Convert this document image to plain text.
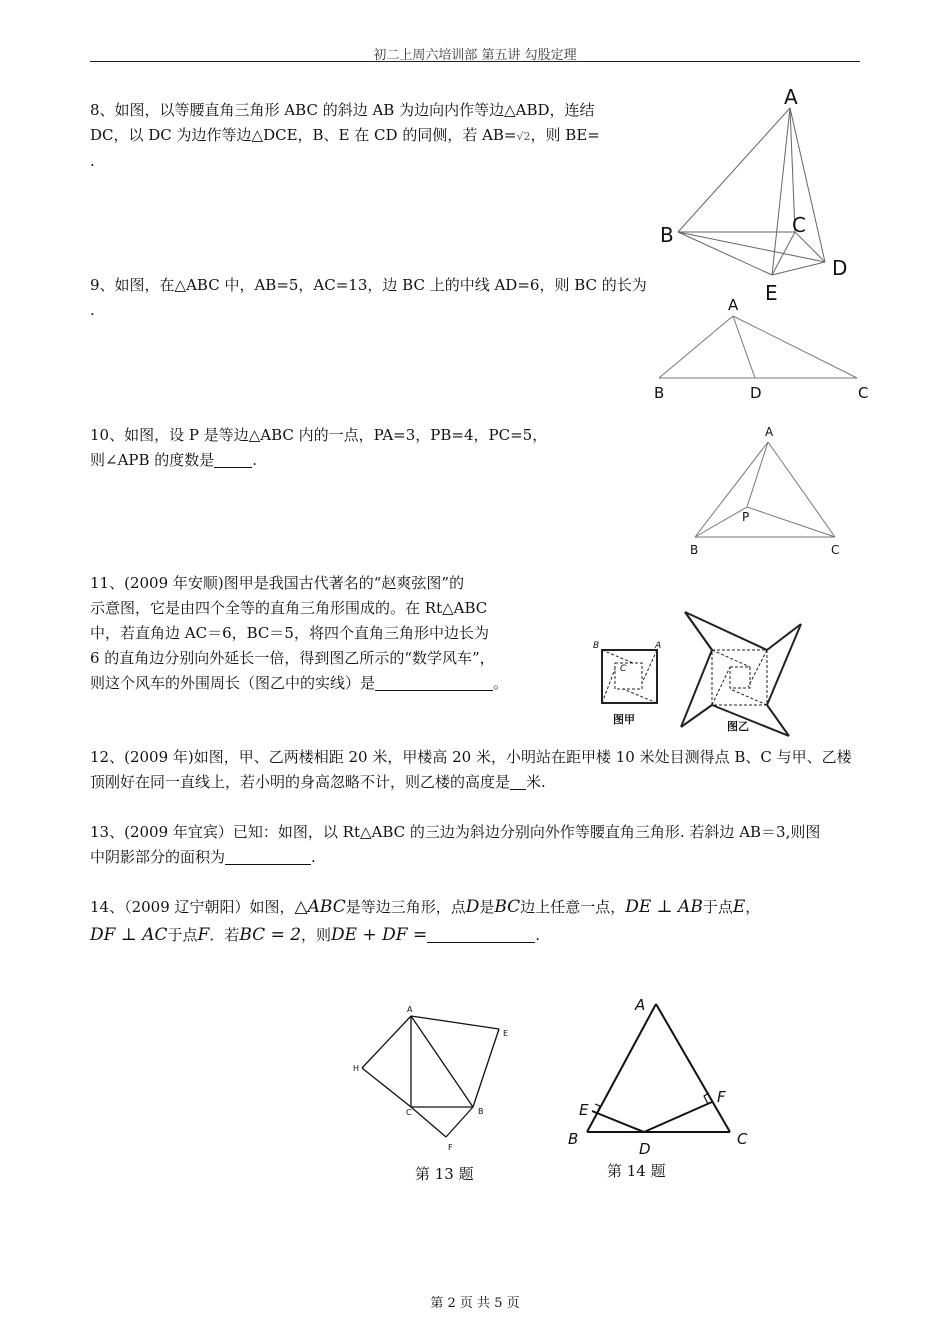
初二上周六培训部 第五讲 勾股定理
8、如图，以等腰直角三角形 ABC 的斜边 AB 为边向内作等边△ABD，连结
DC，以 DC 为边作等边△DCE，B、E 在 CD 的同侧，若 AB=√2，则 BE=
.
A
B	C
D
E
9、如图，在△ABC 中，AB=5，AC=13，边 BC 上的中线 AD=6，则 BC 的长为
.	A
B	D	C
10、如图，设 P 是等边△ABC 内的一点，PA=3，PB=4，PC=5，
则∠APB 的度数是	.
A
P
B	C
11、(2009 年安顺)图甲是我国古代著名的“赵爽弦图”的
示意图，它是由四个全等的直角三角形围成的。在 Rt△ABC
中，若直角边 AC＝6，BC＝5，将四个直角三角形中边长为
6 的直角边分别向外延长一倍，得到图乙所示的“数学风车”，
则这个风车的外围周长（图乙中的实线）是	。
B	A
C
图甲
图乙
12、(2009 年)如图，甲、乙两楼相距 20 米，甲楼高 20 米，小明站在距甲楼 10 米处目测得点 B、C 与甲、乙楼
顶刚好在同一直线上，若小明的身高忽略不计，则乙楼的高度是 米.
13、(2009 年宜宾）已知：如图，以 Rt△ABC 的三边为斜边分别向外作等腰直角三角形. 若斜边 AB＝3,则图
中阴影部分的面积为	.
14、（2009 辽宁朝阳）如图，△ABC是等边三角形，点D是BC边上任意一点，DE ⊥ AB于点E，
DF ⊥ AC于点F．若BC = 2，则DE + DF =	.
A
E
H
C	B
F
第 13 题
A
E
F
B
D
C
第 14 题
第 2 页 共 5 页
